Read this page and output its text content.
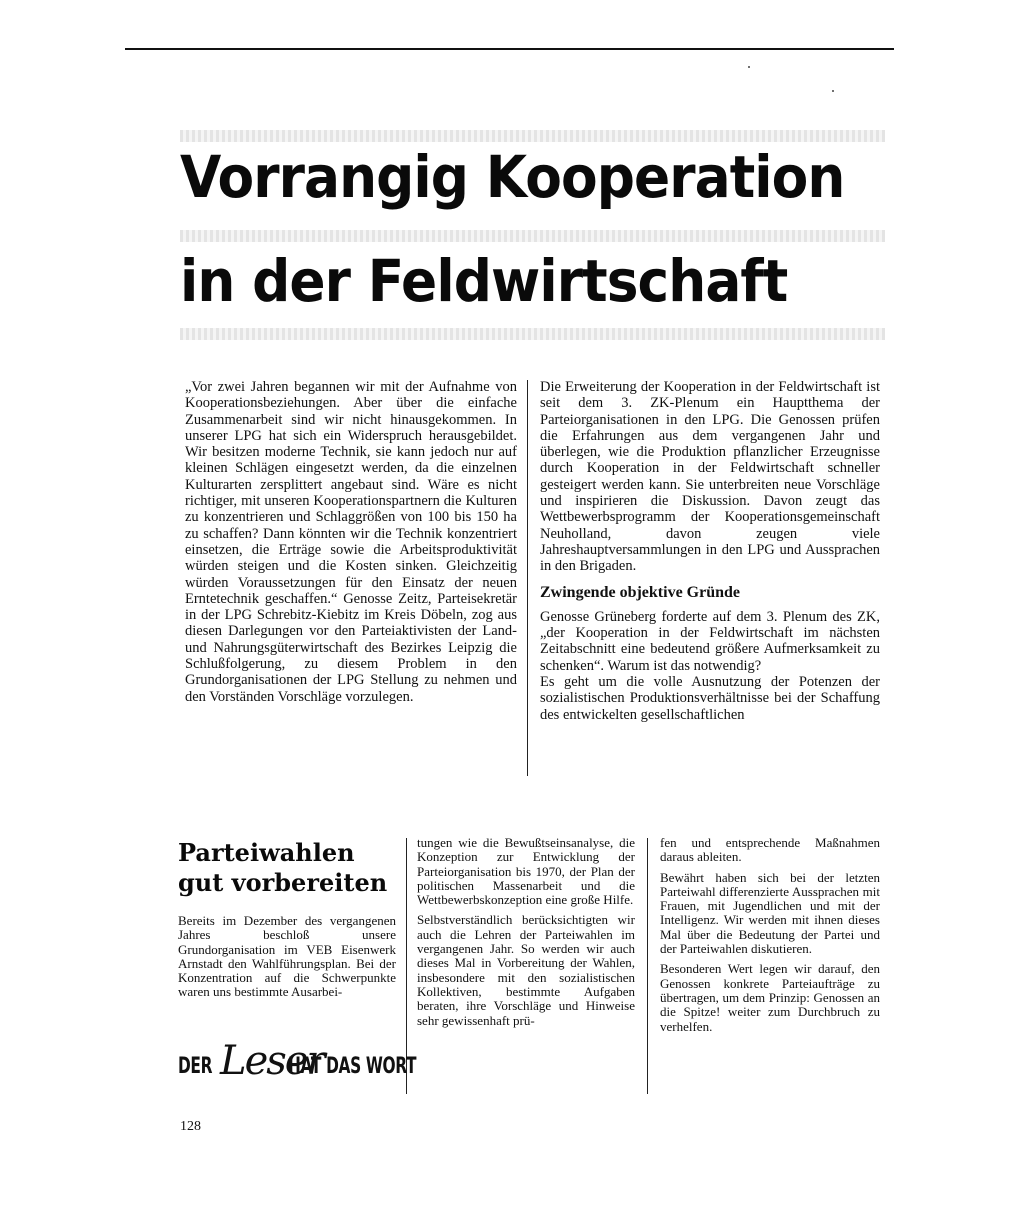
Vorrangig Kooperation
in der Feldwirtschaft

„Vor zwei Jahren begannen wir mit der Aufnahme von Kooperationsbeziehungen. Aber über die einfache Zusammenarbeit sind wir nicht hinausgekommen. In unserer LPG hat sich ein Widerspruch herausgebildet. Wir besitzen moderne Technik, sie kann jedoch nur auf kleinen Schlägen eingesetzt werden, da die einzelnen Kulturarten zersplittert angebaut sind. Wäre es nicht richtiger, mit unseren Kooperationspartnern die Kulturen zu konzentrieren und Schlaggrößen von 100 bis 150 ha zu schaffen? Dann könnten wir die Technik konzentriert einsetzen, die Erträge sowie die Arbeitsproduktivität würden steigen und die Kosten sinken. Gleichzeitig würden Voraussetzungen für den Einsatz der neuen Erntetechnik geschaffen.“ Genosse Zeitz, Parteisekretär in der LPG Schrebitz-Kiebitz im Kreis Döbeln, zog aus diesen Darlegungen vor den Parteiaktivisten der Land- und Nahrungsgüterwirtschaft des Bezirkes Leipzig die Schlußfolgerung, zu diesem Problem in den Grundorganisationen der LPG Stellung zu nehmen und den Vorständen Vorschläge vorzulegen.

Die Erweiterung der Kooperation in der Feldwirtschaft ist seit dem 3. ZK-Plenum ein Hauptthema der Parteiorganisationen in den LPG. Die Genossen prüfen die Erfahrungen aus dem vergangenen Jahr und überlegen, wie die Produktion pflanzlicher Erzeugnisse durch Kooperation in der Feldwirtschaft schneller gesteigert werden kann. Sie unterbreiten neue Vorschläge und inspirieren die Diskussion. Davon zeugt das Wettbewerbsprogramm der Kooperationsgemeinschaft Neuholland, davon zeugen viele Jahreshauptversammlungen in den LPG und Aussprachen in den Brigaden.

Zwingende objektive Gründe

Genosse Grüneberg forderte auf dem 3. Plenum des ZK, „der Kooperation in der Feldwirtschaft im nächsten Zeitabschnitt eine bedeutend größere Aufmerksamkeit zu schenken“. Warum ist das notwendig?

Es geht um die volle Ausnutzung der Potenzen der sozialistischen Produktionsverhältnisse bei der Schaffung des entwickelten gesellschaftlichen

Parteiwahlen
gut vorbereiten

Bereits im Dezember des vergangenen Jahres beschloß unsere Grundorganisation im VEB Eisenwerk Arnstadt den Wahlführungsplan. Bei der Konzentration auf die Schwerpunkte waren uns bestimmte Ausarbei-

tungen wie die Bewußtseinsanalyse, die Konzeption zur Entwicklung der Parteiorganisation bis 1970, der Plan der politischen Massenarbeit und die Wettbewerbskonzeption eine große Hilfe.

Selbstverständlich berücksichtigten wir auch die Lehren der Parteiwahlen im vergangenen Jahr. So werden wir auch dieses Mal in Vorbereitung der Wahlen, insbesondere mit den sozialistischen Kollektiven, bestimmte Aufgaben beraten, ihre Vorschläge und Hinweise sehr gewissenhaft prü-

fen und entsprechende Maßnahmen daraus ableiten.

Bewährt haben sich bei der letzten Parteiwahl differenzierte Aussprachen mit Frauen, mit Jugendlichen und mit der Intelligenz. Wir werden mit ihnen dieses Mal über die Bedeutung der Partei und der Parteiwahlen diskutieren.

Besonderen Wert legen wir darauf, den Genossen konkrete Parteiaufträge zu übertragen, um dem Prinzip: Genossen an die Spitze! weiter zum Durchbruch zu verhelfen.

DER Leser
HAT DAS WORT
128
